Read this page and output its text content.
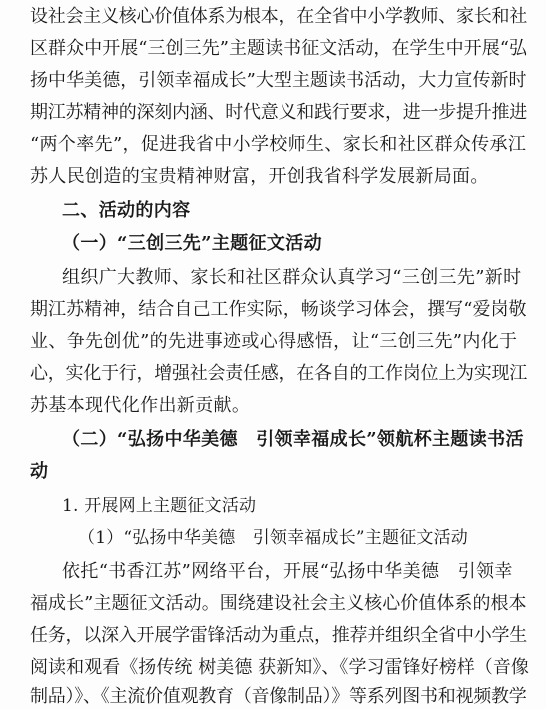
设社会主义核心价值体系为根本，在全省中小学教师、家长和社
区群众中开展“三创三先”主题读书征文活动，在学生中开展“弘
扬中华美德，引领幸福成长”大型主题读书活动，大力宣传新时
期江苏精神的深刻内涵、时代意义和践行要求，进一步提升推进
“两个率先”，促进我省中小学校师生、家长和社区群众传承江
苏人民创造的宝贵精神财富，开创我省科学发展新局面。
二、活动的内容
（一）“三创三先”主题征文活动
组织广大教师、家长和社区群众认真学习“三创三先”新时
期江苏精神，结合自己工作实际，畅谈学习体会，撰写“爱岗敬
业、争先创优”的先进事迹或心得感悟，让“三创三先”内化于
心，实化于行，增强社会责任感，在各自的工作岗位上为实现江
苏基本现代化作出新贡献。
（二）“弘扬中华美德　引领幸福成长”领航杯主题读书活
动
1. 开展网上主题征文活动
（1）“弘扬中华美德　引领幸福成长”主题征文活动
依托“书香江苏”网络平台，开展“弘扬中华美德　引领幸
福成长”主题征文活动。围绕建设社会主义核心价值体系的根本
任务，以深入开展学雷锋活动为重点，推荐并组织全省中小学生
阅读和观看《扬传统 树美德 获新知》、《学习雷锋好榜样（音像
制品）》、《主流价值观教育（音像制品）》等系列图书和视频教学
